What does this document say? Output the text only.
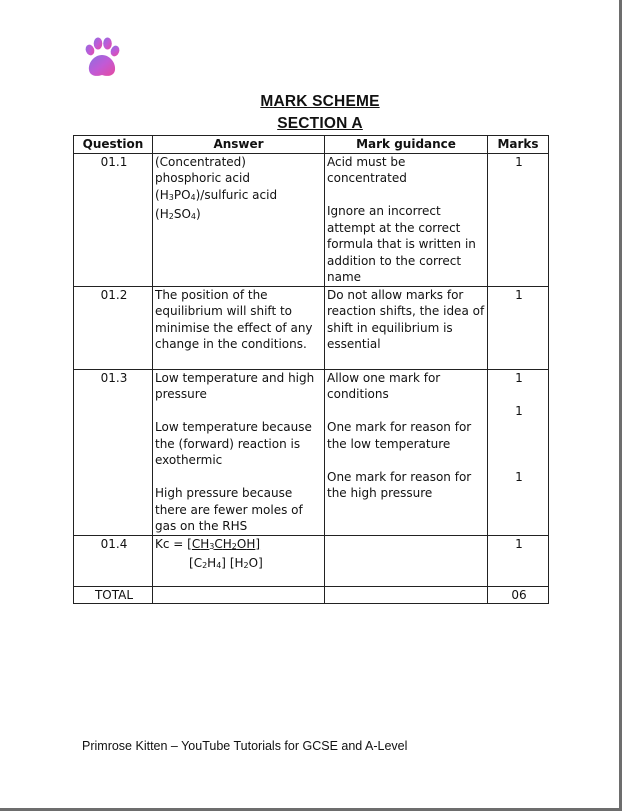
MARK SCHEME
SECTION A
Question	Answer	Mark guidance	Marks
01.1	(Concentrated)
phosphoric acid
(H3PO4)/sulfuric acid
(H2SO4)	Acid must be concentrated
Ignore an incorrect attempt at the correct formula that is written in addition to the correct name	1

01.2	The position of the equilibrium will shift to minimise the effect of any change in the conditions.	Do not allow marks for reaction shifts, the idea of shift in equilibrium is essential	1

01.3	Low temperature and high pressure
Low temperature because the (forward) reaction is exothermic
High pressure because there are fewer moles of gas on the RHS	Allow one mark for conditions
One mark for reason for the low temperature
One mark for reason for the high pressure	1
1
1

01.4	Kc = [CH3CH2OH]
[C2H4] [H2O]		1

TOTAL			06
Primrose Kitten – YouTube Tutorials for GCSE and A-Level
